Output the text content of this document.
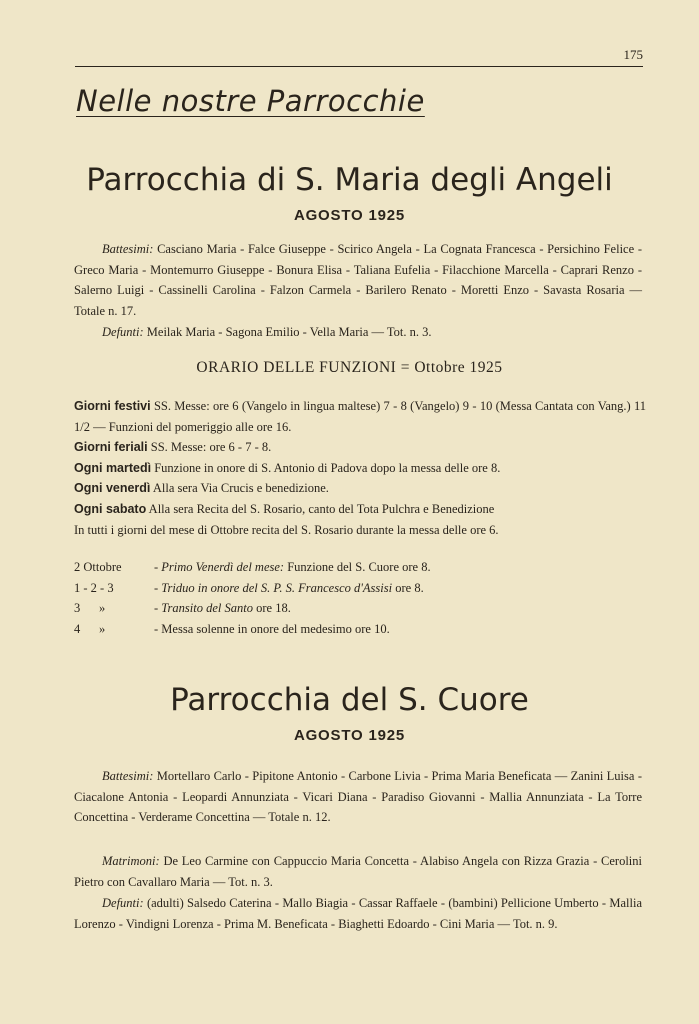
175
Nelle nostre Parrocchie
Parrocchia di S. Maria degli Angeli
AGOSTO 1925
Battesimi: Casciano Maria - Falce Giuseppe - Scirico Angela - La Cognata Francesca - Persichino Felice - Greco Maria - Montemurro Giuseppe - Bonura Elisa - Taliana Eufelia - Filacchione Marcella - Caprari Renzo - Salerno Luigi - Cassinelli Carolina - Falzon Carmela - Barilero Renato - Moretti Enzo - Savasta Rosaria — Totale n. 17.
Defunti: Meilak Maria - Sagona Emilio - Vella Maria — Tot. n. 3.
ORARIO DELLE FUNZIONI = Ottobre 1925
Giorni festivi SS. Messe: ore 6 (Vangelo in lingua maltese) 7 - 8 (Vangelo) 9 - 10 (Messa Cantata con Vang.) 11 1/2 — Funzioni del pomeriggio alle ore 16.
Giorni feriali SS. Messe: ore 6 - 7 - 8.
Ogni martedì Funzione in onore di S. Antonio di Padova dopo la messa delle ore 8.
Ogni venerdì Alla sera Via Crucis e benedizione.
Ogni sabato Alla sera Recita del S. Rosario, canto del Tota Pulchra e Benedizione
In tutti i giorni del mese di Ottobre recita del S. Rosario durante la messa delle ore 6.
2 Ottobre	- Primo Venerdì del mese: Funzione del S. Cuore ore 8.
1 - 2 - 3	- Triduo in onore del S. P. S. Francesco d'Assisi ore 8.
3      »	- Transito del Santo ore 18.
4      »	- Messa solenne in onore del medesimo ore 10.
Parrocchia del S. Cuore
AGOSTO 1925
Battesimi: Mortellaro Carlo - Pipitone Antonio - Carbone Livia - Prima Maria Beneficata — Zanini Luisa - Ciacalone Antonia - Leopardi Annunziata - Vicari Diana - Paradiso Giovanni - Mallia Annunziata - La Torre Concettina - Verderame Concettina — Totale n. 12.
Matrimoni: De Leo Carmine con Cappuccio Maria Concetta - Alabiso Angela con Rizza Grazia - Cerolini Pietro con Cavallaro Maria — Tot. n. 3.
Defunti: (adulti) Salsedo Caterina - Mallo Biagia - Cassar Raffaele - (bambini) Pellicione Umberto - Mallia Lorenzo - Vindigni Lorenza - Prima M. Beneficata - Biaghetti Edoardo - Cini Maria — Tot. n. 9.
